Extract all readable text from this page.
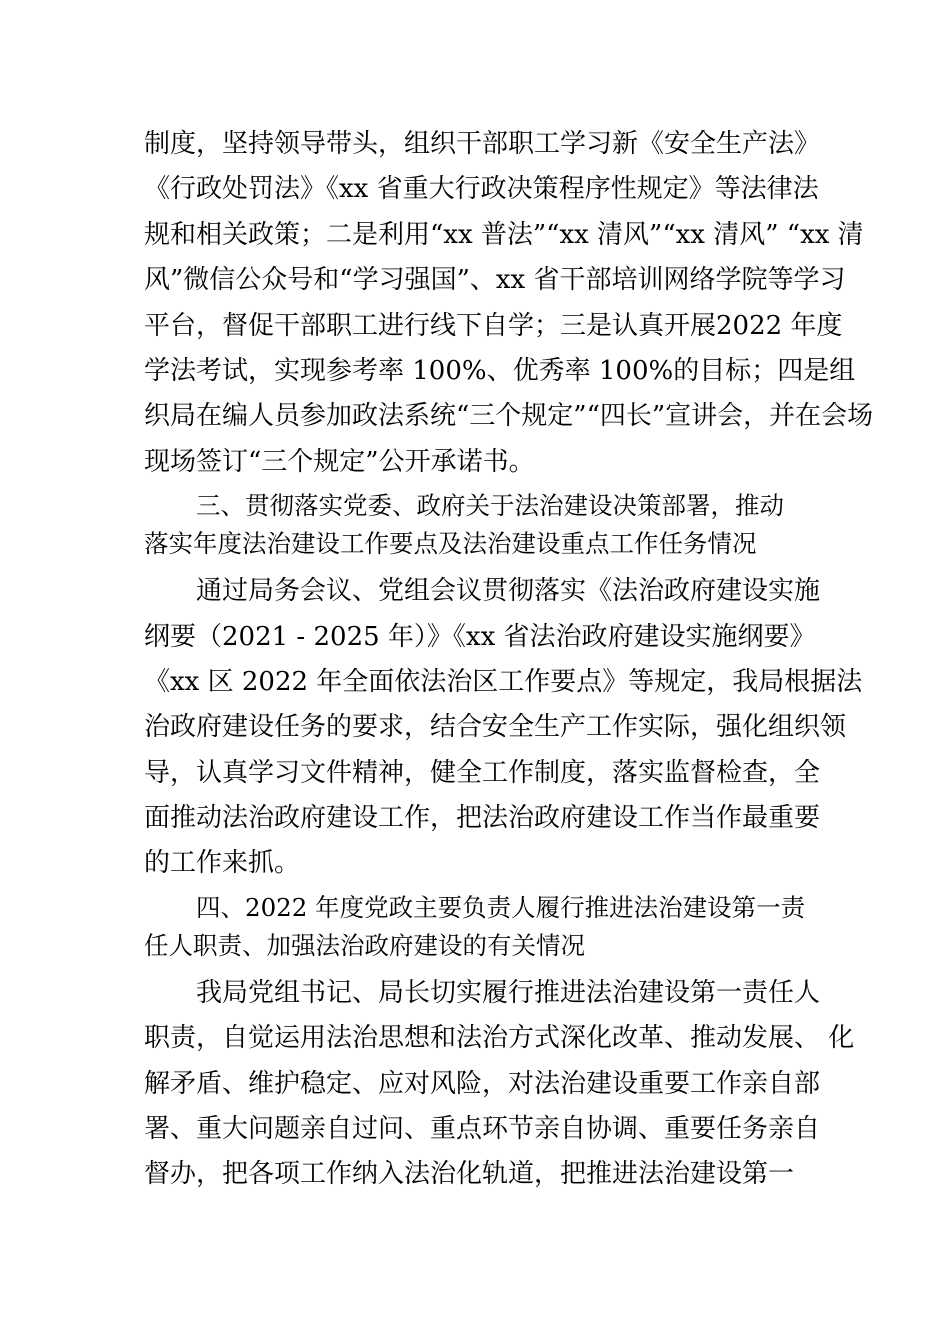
制度，坚持领导带头，组织干部职工学习新《安全生产法》
《行政处罚法》《xx 省重大行政决策程序性规定》等法律法
规和相关政策；二是利用“xx 普法”“xx 清风”“xx 清风” “xx 清
风”微信公众号和“学习强国”、xx 省干部培训网络学院等学习
平台，督促干部职工进行线下自学；三是认真开展2022 年度
学法考试，实现参考率 100%、优秀率 100%的目标；四是组
织局在编人员参加政法系统“三个规定”“四长”宣讲会，并在会场
现场签订“三个规定”公开承诺书。
三、贯彻落实党委、政府关于法治建设决策部署，推动
落实年度法治建设工作要点及法治建设重点工作任务情况
通过局务会议、党组会议贯彻落实《法治政府建设实施
纲要（2021 - 2025 年）》《xx 省法治政府建设实施纲要》
《xx 区 2022 年全面依法治区工作要点》等规定，我局根据法
治政府建设任务的要求，结合安全生产工作实际，强化组织领
导，认真学习文件精神，健全工作制度，落实监督检查，全
面推动法治政府建设工作，把法治政府建设工作当作最重要
的工作来抓。
四、2022 年度党政主要负责人履行推进法治建设第一责
任人职责、加强法治政府建设的有关情况
我局党组书记、局长切实履行推进法治建设第一责任人
职责，自觉运用法治思想和法治方式深化改革、推动发展、 化
解矛盾、维护稳定、应对风险，对法治建设重要工作亲自部
署、重大问题亲自过问、重点环节亲自协调、重要任务亲自
督办，把各项工作纳入法治化轨道，把推进法治建设第一
